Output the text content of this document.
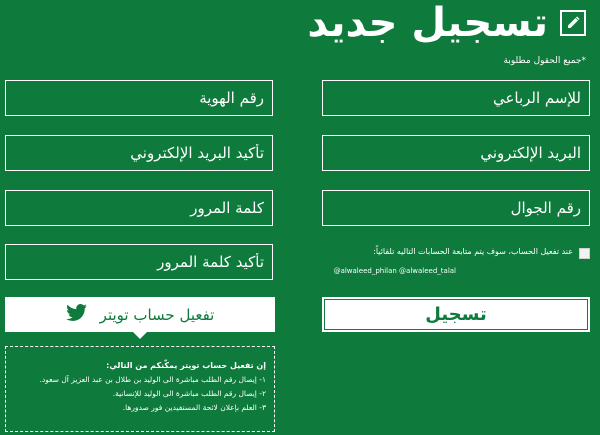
تسجيل جديد
*جميع الحقول مطلوبة
للإسم الرباعي
رقم الهوية
البريد الإلكتروني
تأكيد البريد الإلكتروني
رقم الجوال
عند تفعيل الحساب، سوف يتم متابعة الحسابات التاليه تلقائياً:
@alwaleed_philan @alwaleed_talal
تسجيل
تفعيل حساب تويتر
إن تفعيل حساب تويتر يمكّنكم من التالي:
١- إيصال رقم الطلب مباشرة الى الوليد بن طلال بن عبد العزيز آل سعود.
٢- إيصال رقم الطلب مباشرة الى الوليد للإنسانية.
٣- العلم بإعلان لائحة المستفيدين فور صدورها.
